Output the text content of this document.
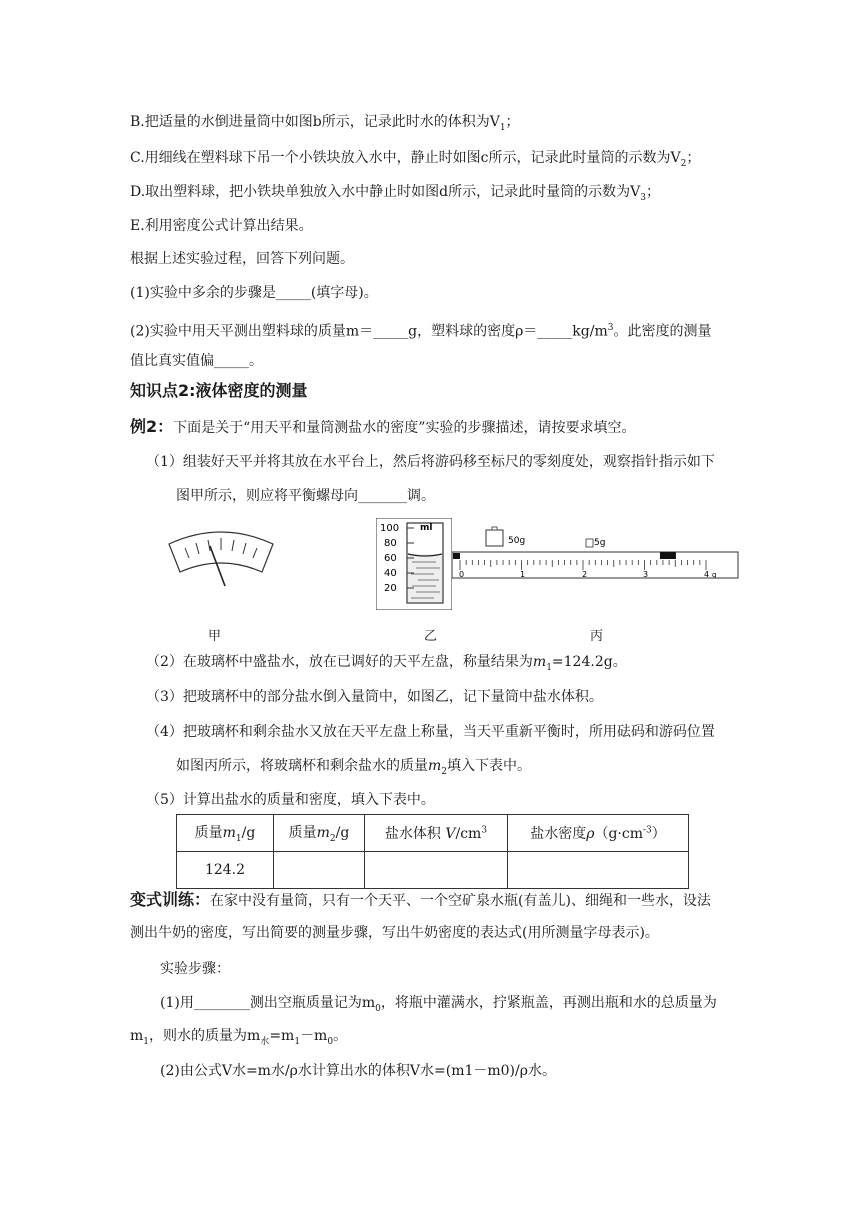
B.把适量的水倒进量筒中如图b所示，记录此时水的体积为$V_1$；
C.用细线在塑料球下吊一个小铁块放入水中，静止时如图c所示，记录此时量筒的示数为$V_2$；
D.取出塑料球，把小铁块单独放入水中静止时如图d所示，记录此时量筒的示数为$V_3$；
E.利用密度公式计算出结果。
根据上述实验过程，回答下列问题。
(1)实验中多余的步骤是_____(填字母)。
(2)实验中用天平测出塑料球的质量m＝_____g，塑料球的密度$\rho=\_\_\_\_\_kg/m^3$。此密度的测量
值比真实值偏_____。
知识点2:液体密度的测量
例2：下面是关于“用天平和量筒测盐水的密度”实验的步骤描述，请按要求填空。
（1）组装好天平并将其放在水平台上，然后将游码移至标尺的零刻度处，观察指针指示如下
图甲所示，则应将平衡螺母向_______调。
甲
ml
100
80
60
40
20
乙
50g	5g
0	1	2	3	4 g
丙
（2）在玻璃杯中盛盐水，放在已调好的天平左盘，称量结果为$m_1=124.2g$。
（3）把玻璃杯中的部分盐水倒入量筒中，如图乙，记下量筒中盐水体积。
（4）把玻璃杯和剩余盐水又放在天平左盘上称量，当天平重新平衡时，所用砝码和游码位置
如图丙所示，将玻璃杯和剩余盐水的质量$m_2$填入下表中。
（5）计算出盐水的质量和密度，填入下表中。
质量$m_1/g$	质量$m_2/g$	盐水体积 $V/cm^3$	盐水密度$\rho(g\cdot cm^{-3})$
124.2			
变式训练：在家中没有量筒，只有一个天平、一个空矿泉水瓶(有盖儿)、细绳和一些水，设法
测出牛奶的密度，写出简要的测量步骤，写出牛奶密度的表达式(用所测量字母表示)。
实验步骤：
(1)用________测出空瓶质量记为$m_0$，将瓶中灌满水，拧紧瓶盖，再测出瓶和水的总质量为
$m_1$，则水的质量为$m_水=m_1-m_0$。
(2)由公式V水=m水/ρ水计算出水的体积V水=(m1－m0)/ρ水。
